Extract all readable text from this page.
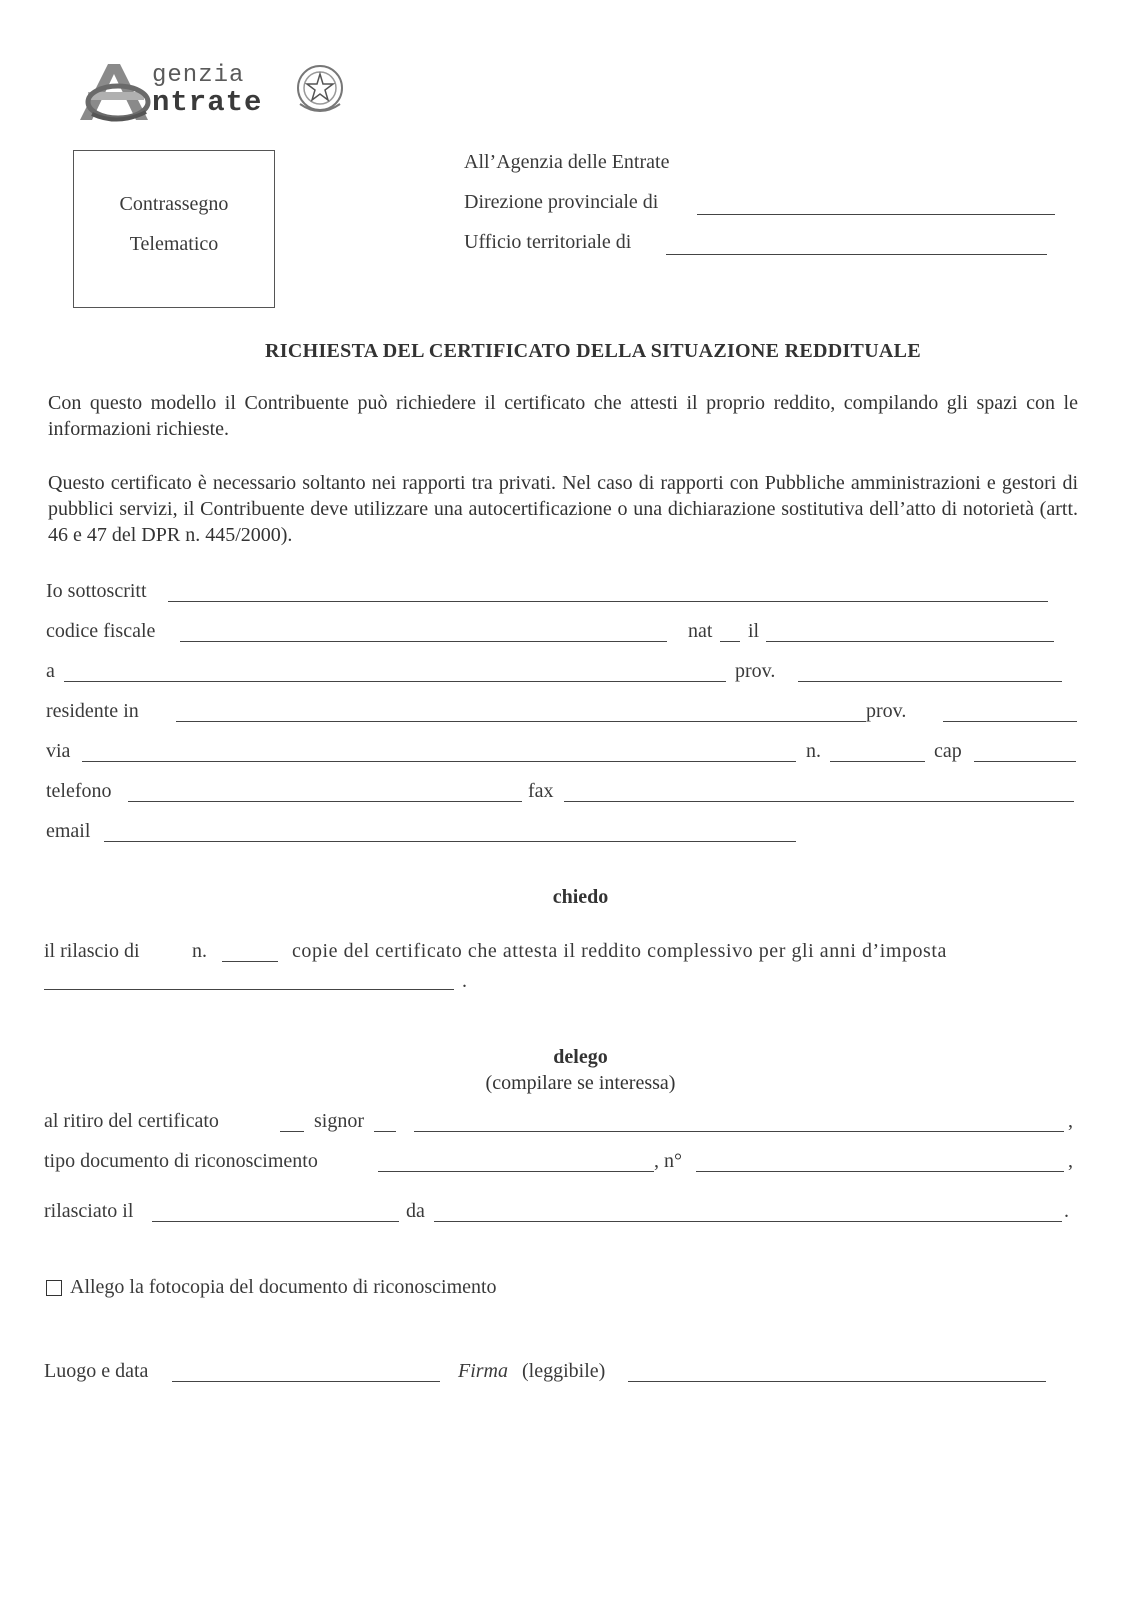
genzia
ntrate
Contrassegno
Telematico
All’Agenzia delle Entrate
Direzione provinciale di
Ufficio territoriale di
RICHIESTA DEL CERTIFICATO DELLA SITUAZIONE REDDITUALE
Con questo modello il Contribuente può richiedere il certificato che attesti il proprio reddito, compilando gli spazi con le informazioni richieste.
Questo certificato è necessario soltanto nei rapporti tra privati. Nel caso di rapporti con Pubbliche amministrazioni e gestori di pubblici servizi, il Contribuente deve utilizzare una autocertificazione o una dichiarazione sostitutiva dell’atto di notorietà (artt. 46 e 47 del DPR n. 445/2000).
Io sottoscritt
codice fiscale	nat il
a	prov.
residente in	prov.
via	n.	cap
telefono	fax
email
chiedo
il rilascio di	n.	copie del certificato che attesta il reddito complessivo per gli anni d’imposta
.
delego
(compilare se interessa)
al ritiro del certificato	signor	,
tipo documento di riconoscimento	, n°	,
rilasciato il	da	.
Allego la fotocopia del documento di riconoscimento
Luogo e data	Firma (leggibile)
